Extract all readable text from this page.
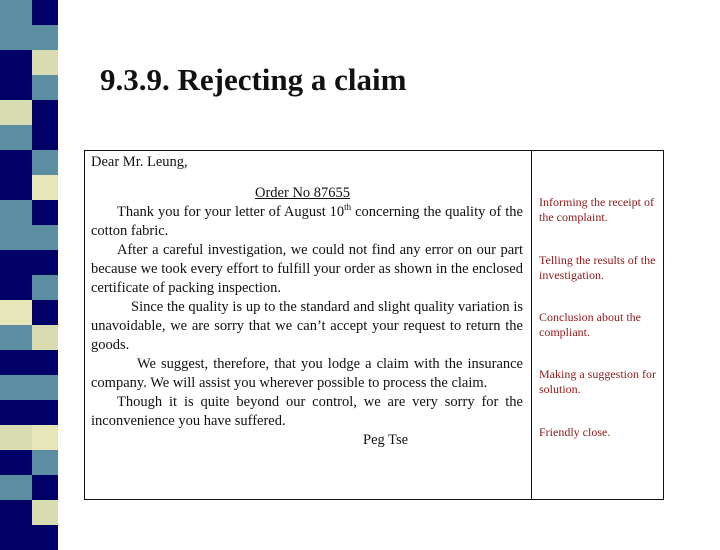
9.3.9. Rejecting a claim

Dear Mr. Leung,

Order No 87655

Thank you for your letter of August 10th concerning the quality of the cotton fabric.

After a careful investigation, we could not find any error on our part because we took every effort to fulfill your order as shown in the enclosed certificate of packing inspection.

Since the quality is up to the standard and slight quality variation is unavoidable, we are sorry that we can’t accept your request to return the goods.

We suggest, therefore, that you lodge a claim with the insurance company. We will assist you wherever possible to process the claim.

Though it is quite beyond our control, we are very sorry for the inconvenience you have suffered.

Peg Tse

Informing the receipt of the complaint.
Telling the results of the investigation.
Conclusion about the compliant.
Making a suggestion for solution.
Friendly close.
